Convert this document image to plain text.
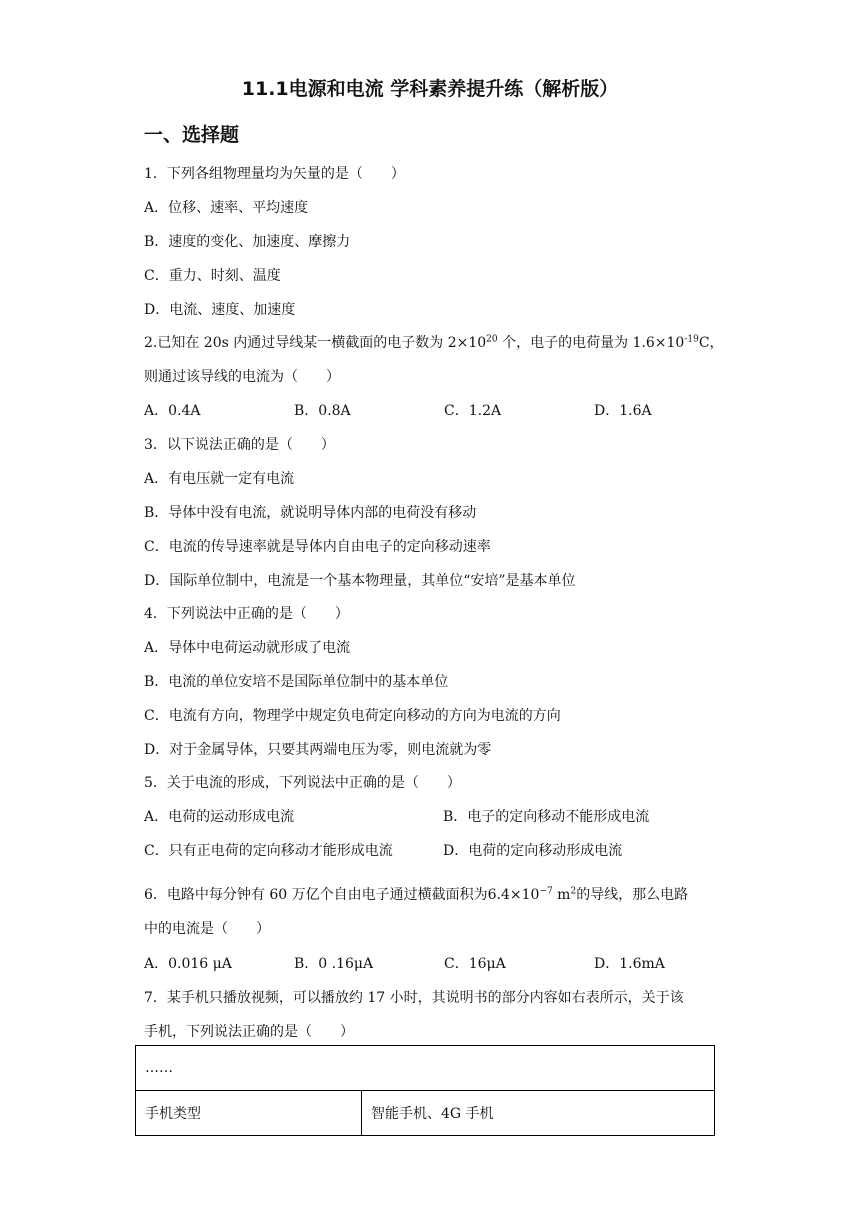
11.1电源和电流 学科素养提升练（解析版）
一、选择题
1．下列各组物理量均为矢量的是（　　）
A．位移、速率、平均速度
B．速度的变化、加速度、摩擦力
C．重力、时刻、温度
D．电流、速度、加速度
2.已知在 20s 内通过导线某一横截面的电子数为 $2\times 10^{20}$ 个，电子的电荷量为 $1.6\times 10^{-19}C$，
则通过该导线的电流为（　　）
A．0.4A	B．0.8A	C．1.2A	D．1.6A
3．以下说法正确的是（　　）
A．有电压就一定有电流
B．导体中没有电流，就说明导体内部的电荷没有移动
C．电流的传导速率就是导体内自由电子的定向移动速率
D．国际单位制中，电流是一个基本物理量，其单位“安培”是基本单位
4．下列说法中正确的是（　　）
A．导体中电荷运动就形成了电流
B．电流的单位安培不是国际单位制中的基本单位
C．电流有方向，物理学中规定负电荷定向移动的方向为电流的方向
D．对于金属导体，只要其两端电压为零，则电流就为零
5．关于电流的形成，下列说法中正确的是（　　）
A．电荷的运动形成电流	B．电子的定向移动不能形成电流
C．只有正电荷的定向移动才能形成电流	D．电荷的定向移动形成电流
6．电路中每分钟有 60 万亿个自由电子通过横截面积为$6.4\times 10^{-7}$ $m^2$的导线，那么电路
中的电流是（　　）
A．0.016 μA	B．0 .16μA	C．16μA	D．1.6mA
7．某手机只播放视频，可以播放约 17 小时，其说明书的部分内容如右表所示，关于该
手机，下列说法正确的是（　　）
……
手机类型	智能手机、4G 手机
